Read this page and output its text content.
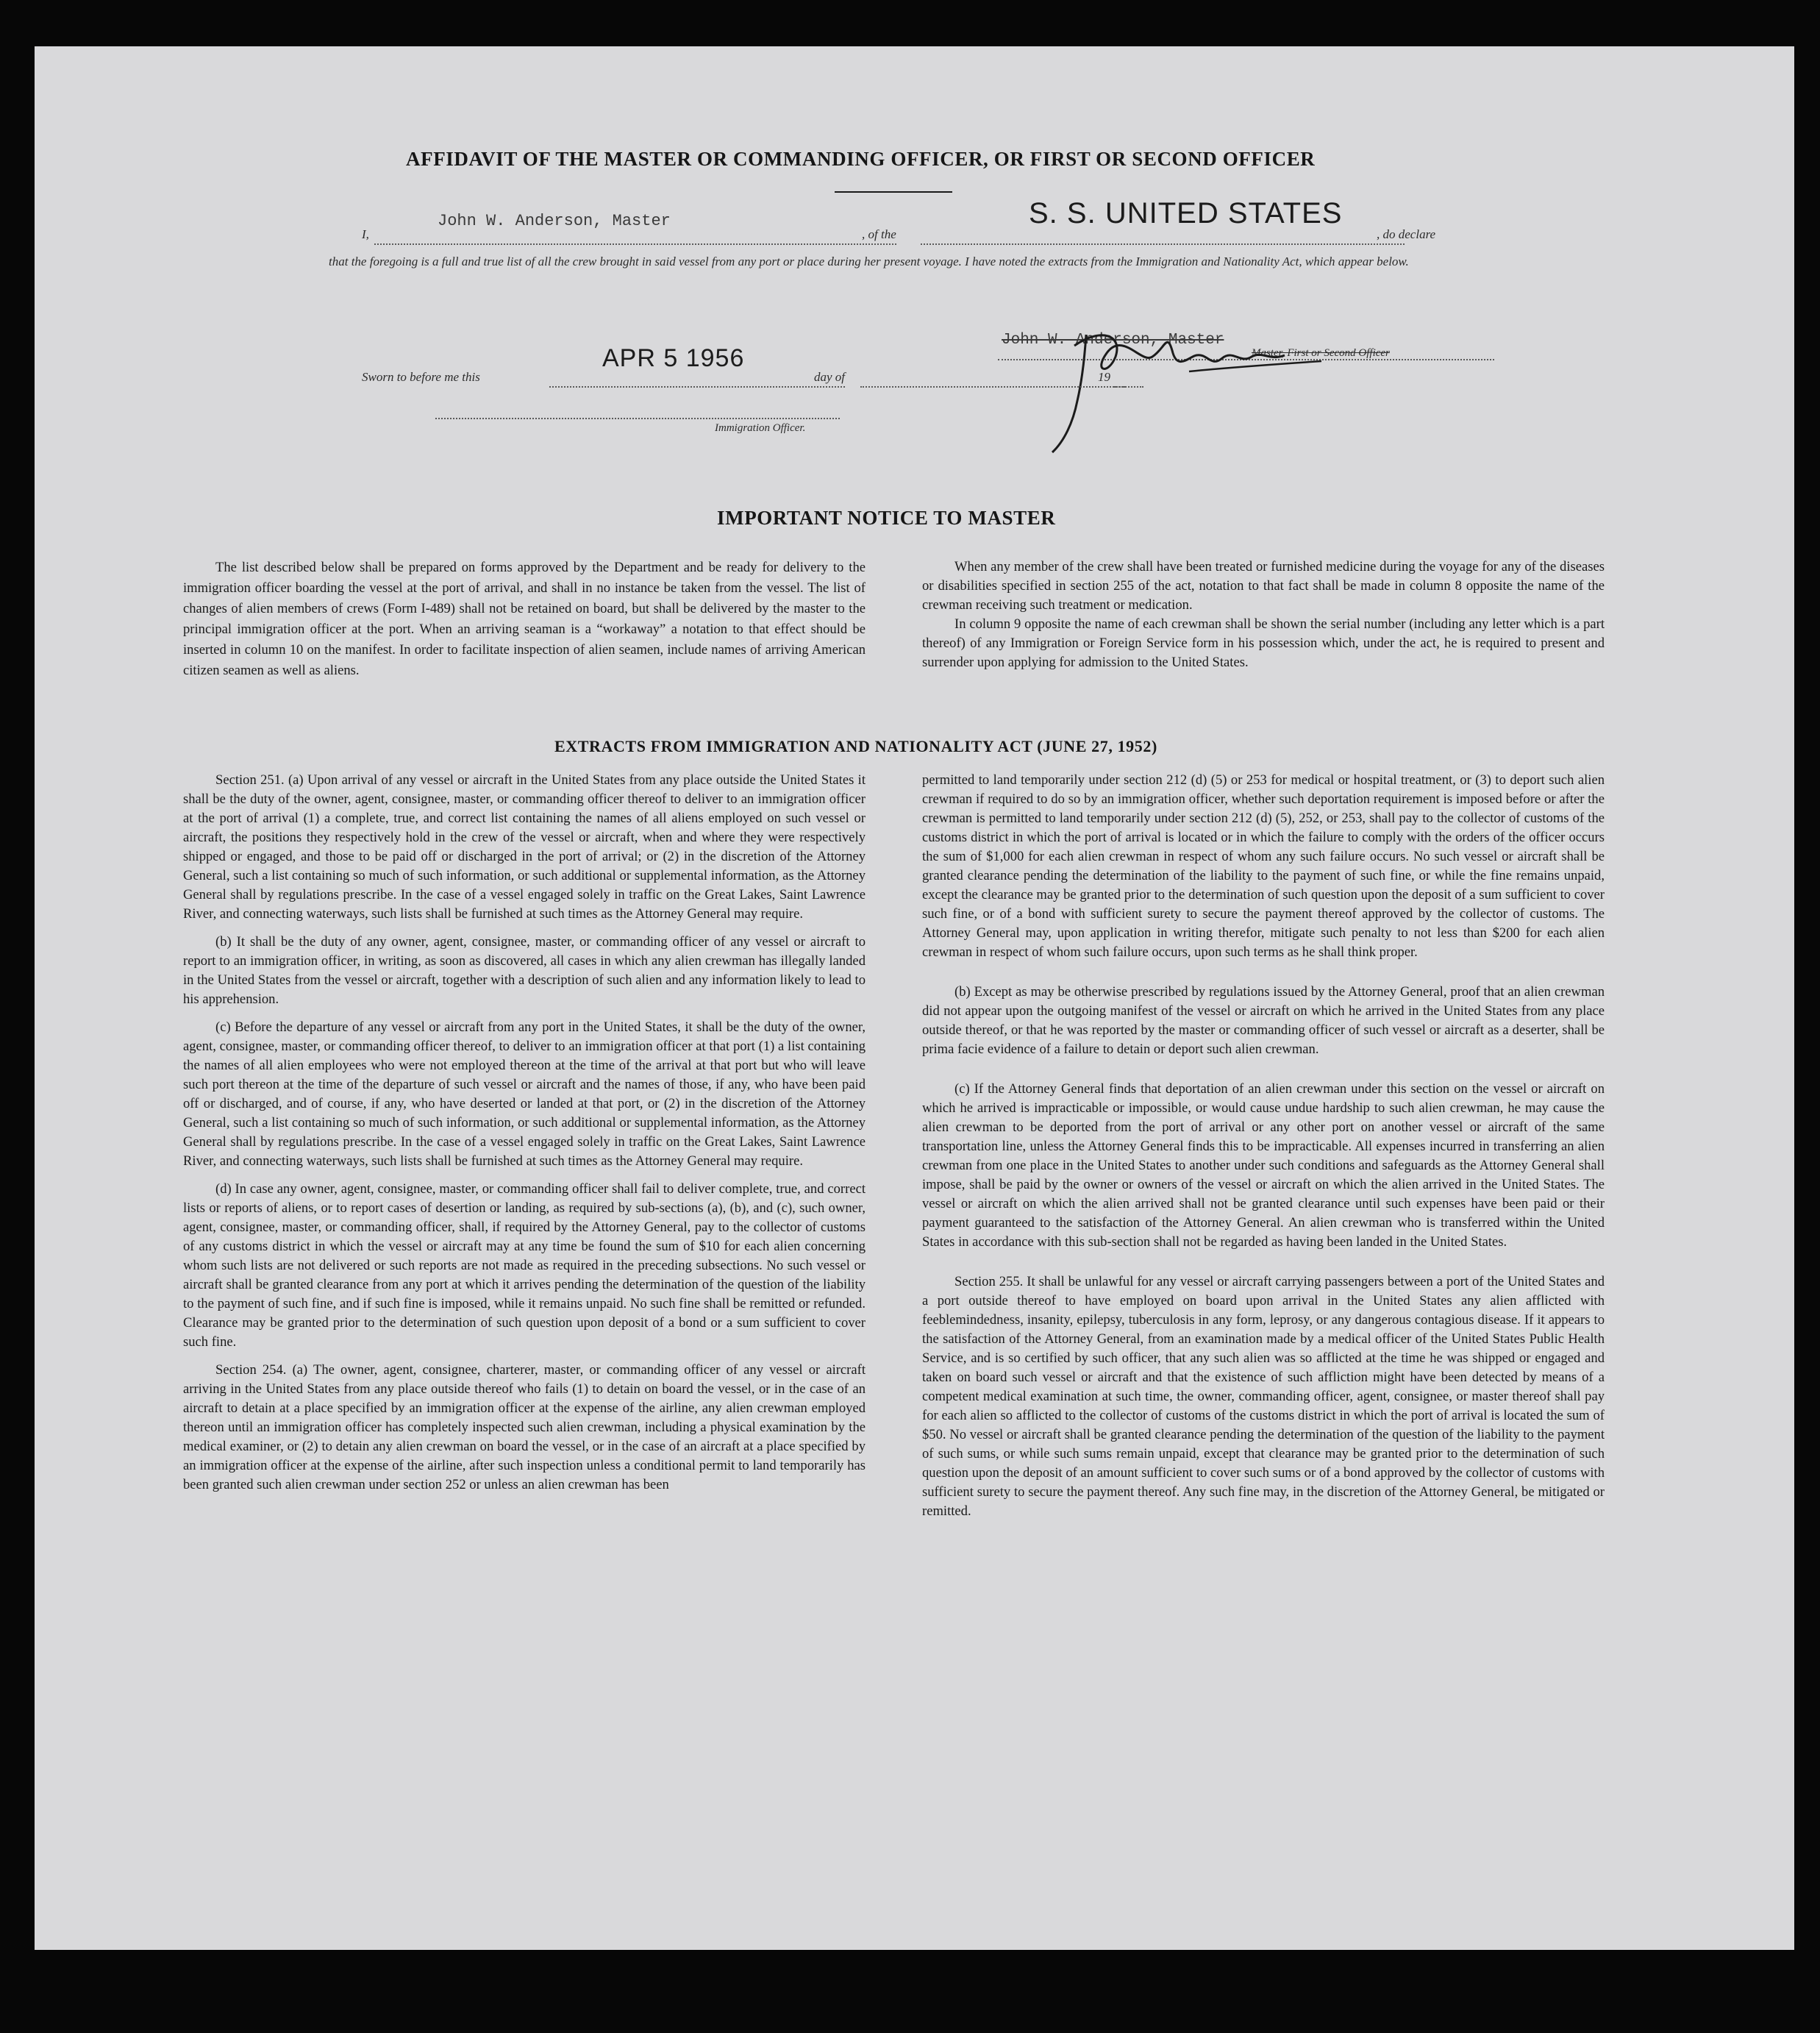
AFFIDAVIT OF THE MASTER OR COMMANDING OFFICER, OR FIRST OR SECOND OFFICER
I,
John W. Anderson, Master
, of the
S. S. UNITED STATES
, do declare
that the foregoing is a full and true list of all the crew brought in said vessel from any port or place during her present voyage. I have noted the extracts from the Immigration and Nationality Act, which appear below.
John W. Anderson, Master
Master, First or Second Officer
Sworn to before me this
APR 5 1956
day of	19
Immigration Officer.
IMPORTANT NOTICE TO MASTER

The list described below shall be prepared on forms approved by the Department and be ready for delivery to the immigration officer boarding the vessel at the port of arrival, and shall in no instance be taken from the vessel. The list of changes of alien members of crews (Form I-489) shall not be retained on board, but shall be delivered by the master to the principal immigration officer at the port. When an arriving seaman is a “workaway” a notation to that effect should be inserted in column 10 on the manifest. In order to facilitate inspection of alien seamen, include names of arriving American citizen seamen as well as aliens.

When any member of the crew shall have been treated or furnished medicine during the voyage for any of the diseases or disabilities specified in section 255 of the act, notation to that fact shall be made in column 8 opposite the name of the crewman receiving such treatment or medication.

In column 9 opposite the name of each crewman shall be shown the serial number (including any letter which is a part thereof) of any Immigration or Foreign Service form in his possession which, under the act, he is required to present and surrender upon applying for admission to the United States.

EXTRACTS FROM IMMIGRATION AND NATIONALITY ACT (JUNE 27, 1952)

Section 251. (a) Upon arrival of any vessel or aircraft in the United States from any place outside the United States it shall be the duty of the owner, agent, consignee, master, or commanding officer thereof to deliver to an immigration officer at the port of arrival (1) a complete, true, and correct list containing the names of all aliens employed on such vessel or aircraft, the positions they respectively hold in the crew of the vessel or aircraft, when and where they were respectively shipped or engaged, and those to be paid off or discharged in the port of arrival; or (2) in the discretion of the Attorney General, such a list containing so much of such information, or such additional or supplemental information, as the Attorney General shall by regulations prescribe. In the case of a vessel engaged solely in traffic on the Great Lakes, Saint Lawrence River, and connecting waterways, such lists shall be furnished at such times as the Attorney General may require.

(b) It shall be the duty of any owner, agent, consignee, master, or commanding officer of any vessel or aircraft to report to an immigration officer, in writing, as soon as discovered, all cases in which any alien crewman has illegally landed in the United States from the vessel or aircraft, together with a description of such alien and any information likely to lead to his apprehension.

(c) Before the departure of any vessel or aircraft from any port in the United States, it shall be the duty of the owner, agent, consignee, master, or commanding officer thereof, to deliver to an immigration officer at that port (1) a list containing the names of all alien employees who were not employed thereon at the time of the arrival at that port but who will leave such port thereon at the time of the departure of such vessel or aircraft and the names of those, if any, who have been paid off or discharged, and of course, if any, who have deserted or landed at that port, or (2) in the discretion of the Attorney General, such a list containing so much of such information, or such additional or supplemental information, as the Attorney General shall by regulations prescribe. In the case of a vessel engaged solely in traffic on the Great Lakes, Saint Lawrence River, and connecting waterways, such lists shall be furnished at such times as the Attorney General may require.

(d) In case any owner, agent, consignee, master, or commanding officer shall fail to deliver complete, true, and correct lists or reports of aliens, or to report cases of desertion or landing, as required by sub-sections (a), (b), and (c), such owner, agent, consignee, master, or commanding officer, shall, if required by the Attorney General, pay to the collector of customs of any customs district in which the vessel or aircraft may at any time be found the sum of $10 for each alien concerning whom such lists are not delivered or such reports are not made as required in the preceding subsections. No such vessel or aircraft shall be granted clearance from any port at which it arrives pending the determination of the question of the liability to the payment of such fine, and if such fine is imposed, while it remains unpaid. No such fine shall be remitted or refunded. Clearance may be granted prior to the determination of such question upon deposit of a bond or a sum sufficient to cover such fine.

Section 254. (a) The owner, agent, consignee, charterer, master, or commanding officer of any vessel or aircraft arriving in the United States from any place outside thereof who fails (1) to detain on board the vessel, or in the case of an aircraft to detain at a place specified by an immigration officer at the expense of the airline, any alien crewman employed thereon until an immigration officer has completely inspected such alien crewman, including a physical examination by the medical examiner, or (2) to detain any alien crewman on board the vessel, or in the case of an aircraft at a place specified by an immigration officer at the expense of the airline, after such inspection unless a conditional permit to land temporarily has been granted such alien crewman under section 252 or unless an alien crewman has been

permitted to land temporarily under section 212 (d) (5) or 253 for medical or hospital treatment, or (3) to deport such alien crewman if required to do so by an immigration officer, whether such deportation requirement is imposed before or after the crewman is permitted to land temporarily under section 212 (d) (5), 252, or 253, shall pay to the collector of customs of the customs district in which the port of arrival is located or in which the failure to comply with the orders of the officer occurs the sum of $1,000 for each alien crewman in respect of whom any such failure occurs. No such vessel or aircraft shall be granted clearance pending the determination of the liability to the payment of such fine, or while the fine remains unpaid, except the clearance may be granted prior to the determination of such question upon the deposit of a sum sufficient to cover such fine, or of a bond with sufficient surety to secure the payment thereof approved by the collector of customs. The Attorney General may, upon application in writing therefor, mitigate such penalty to not less than $200 for each alien crewman in respect of whom such failure occurs, upon such terms as he shall think proper.

(b) Except as may be otherwise prescribed by regulations issued by the Attorney General, proof that an alien crewman did not appear upon the outgoing manifest of the vessel or aircraft on which he arrived in the United States from any place outside thereof, or that he was reported by the master or commanding officer of such vessel or aircraft as a deserter, shall be prima facie evidence of a failure to detain or deport such alien crewman.

(c) If the Attorney General finds that deportation of an alien crewman under this section on the vessel or aircraft on which he arrived is impracticable or impossible, or would cause undue hardship to such alien crewman, he may cause the alien crewman to be deported from the port of arrival or any other port on another vessel or aircraft of the same transportation line, unless the Attorney General finds this to be impracticable. All expenses incurred in transferring an alien crewman from one place in the United States to another under such conditions and safeguards as the Attorney General shall impose, shall be paid by the owner or owners of the vessel or aircraft on which the alien arrived in the United States. The vessel or aircraft on which the alien arrived shall not be granted clearance until such expenses have been paid or their payment guaranteed to the satisfaction of the Attorney General. An alien crewman who is transferred within the United States in accordance with this sub-section shall not be regarded as having been landed in the United States.

Section 255. It shall be unlawful for any vessel or aircraft carrying passengers between a port of the United States and a port outside thereof to have employed on board upon arrival in the United States any alien afflicted with feeblemindedness, insanity, epilepsy, tuberculosis in any form, leprosy, or any dangerous contagious disease. If it appears to the satisfaction of the Attorney General, from an examination made by a medical officer of the United States Public Health Service, and is so certified by such officer, that any such alien was so afflicted at the time he was shipped or engaged and taken on board such vessel or aircraft and that the existence of such affliction might have been detected by means of a competent medical examination at such time, the owner, commanding officer, agent, consignee, or master thereof shall pay for each alien so afflicted to the collector of customs of the customs district in which the port of arrival is located the sum of $50. No vessel or aircraft shall be granted clearance pending the determination of the question of the liability to the payment of such sums, or while such sums remain unpaid, except that clearance may be granted prior to the determination of such question upon the deposit of an amount sufficient to cover such sums or of a bond approved by the collector of customs with sufficient surety to secure the payment thereof. Any such fine may, in the discretion of the Attorney General, be mitigated or remitted.
